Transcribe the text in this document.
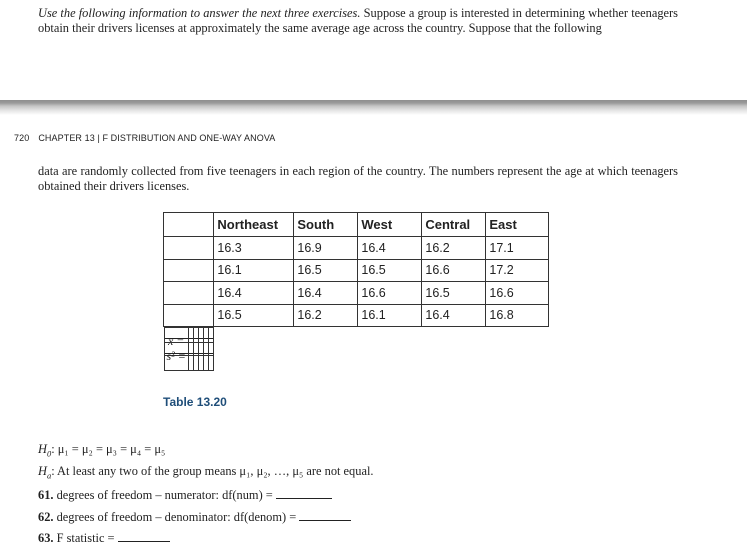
Use the following information to answer the next three exercises. Suppose a group is interested in determining whether teenagers obtain their drivers licenses at approximately the same average age across the country. Suppose that the following
720 CHAPTER 13 | F DISTRIBUTION AND ONE-WAY ANOVA
data are randomly collected from five teenagers in each region of the country. The numbers represent the age at which teenagers obtained their drivers licenses.
	Northeast	South	West	Central	East
	16.3	16.9	16.4	16.2	17.1
	16.1	16.5	16.5	16.6	17.2
	16.4	16.4	16.6	16.5	16.6
	16.5	16.2	16.1	16.4	16.8
x̄ =	

s² =	

Table 13.20
$H_0$: μ₁ = μ₂ = μ₃ = μ₄ = μ₅
$H_a$: At least any two of the group means μ₁, μ₂, …, μ₅ are not equal.
61. degrees of freedom – numerator: df(num) =
62. degrees of freedom – denominator: df(denom) =
63. F statistic =
